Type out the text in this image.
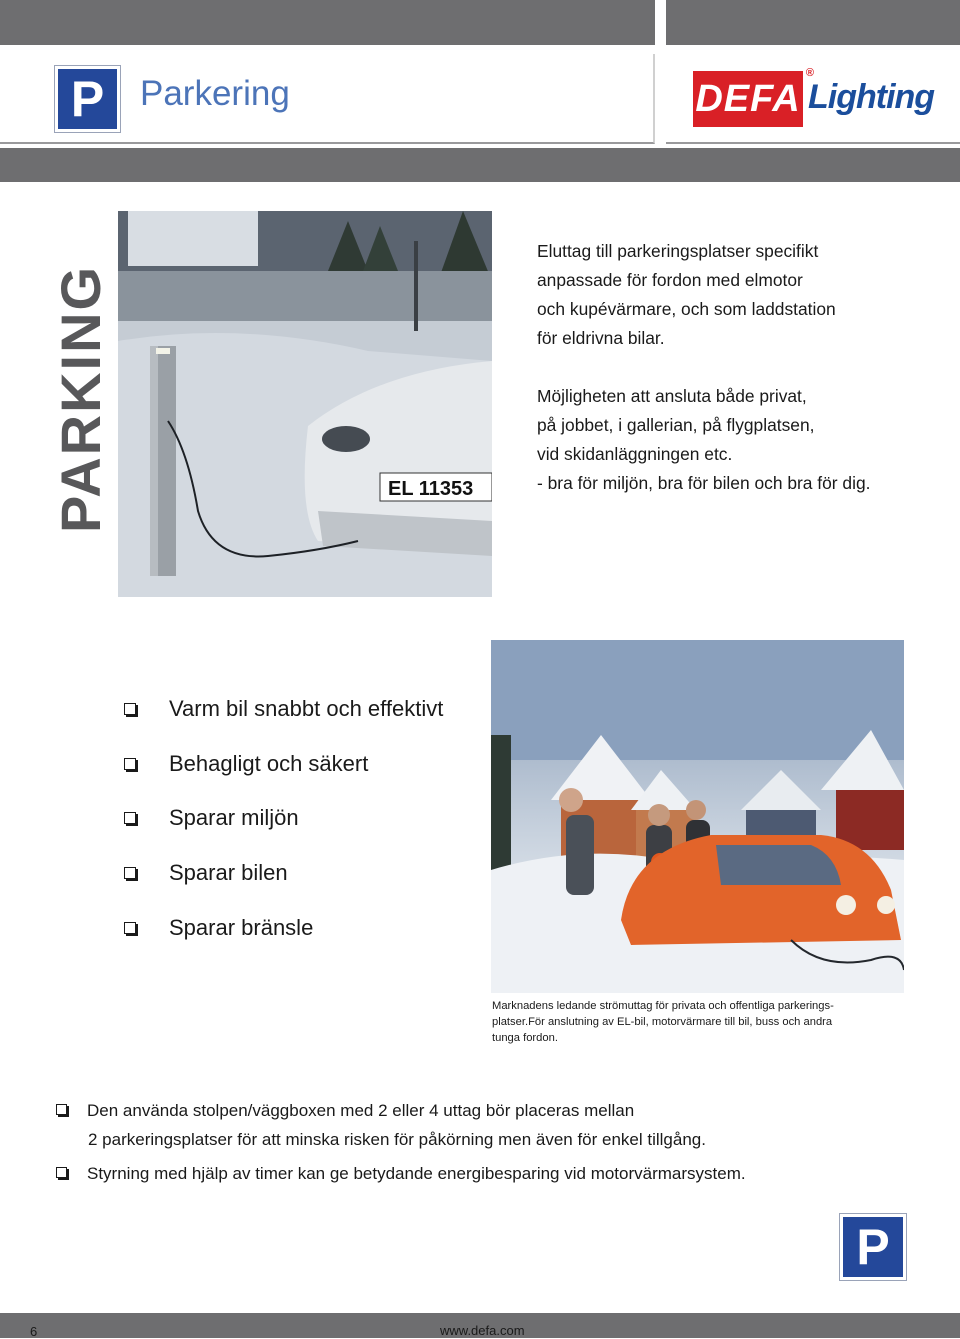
P Parkering	DEFA
®
Lighting
PARKING	EL 11353

Eluttag till parkeringsplatser specifikt

anpassade för fordon med elmotor

och kupévärmare, och som laddstation

för eldrivna bilar.

Möjligheten att ansluta både privat,

på jobbet, i gallerian, på flygplatsen,

vid skidanläggningen etc.

- bra för miljön, bra för bilen och bra för dig.

Varm bil snabbt och effektivt
Behagligt och säkert
Sparar miljön
Sparar bilen
Sparar bränsle
Marknadens ledande strömuttag för privata och offentliga parkerings-
platser.För anslutning av EL-bil, motorvärmare till bil, buss och andra
tunga fordon.
Den använda stolpen/väggboxen med 2 eller 4 uttag bör placeras mellan
2 parkeringsplatser för att minska risken för påkörning men även för enkel tillgång.
Styrning med hjälp av timer kan ge betydande energibesparing vid motorvärmarsystem.
P
6	www.defa.com
